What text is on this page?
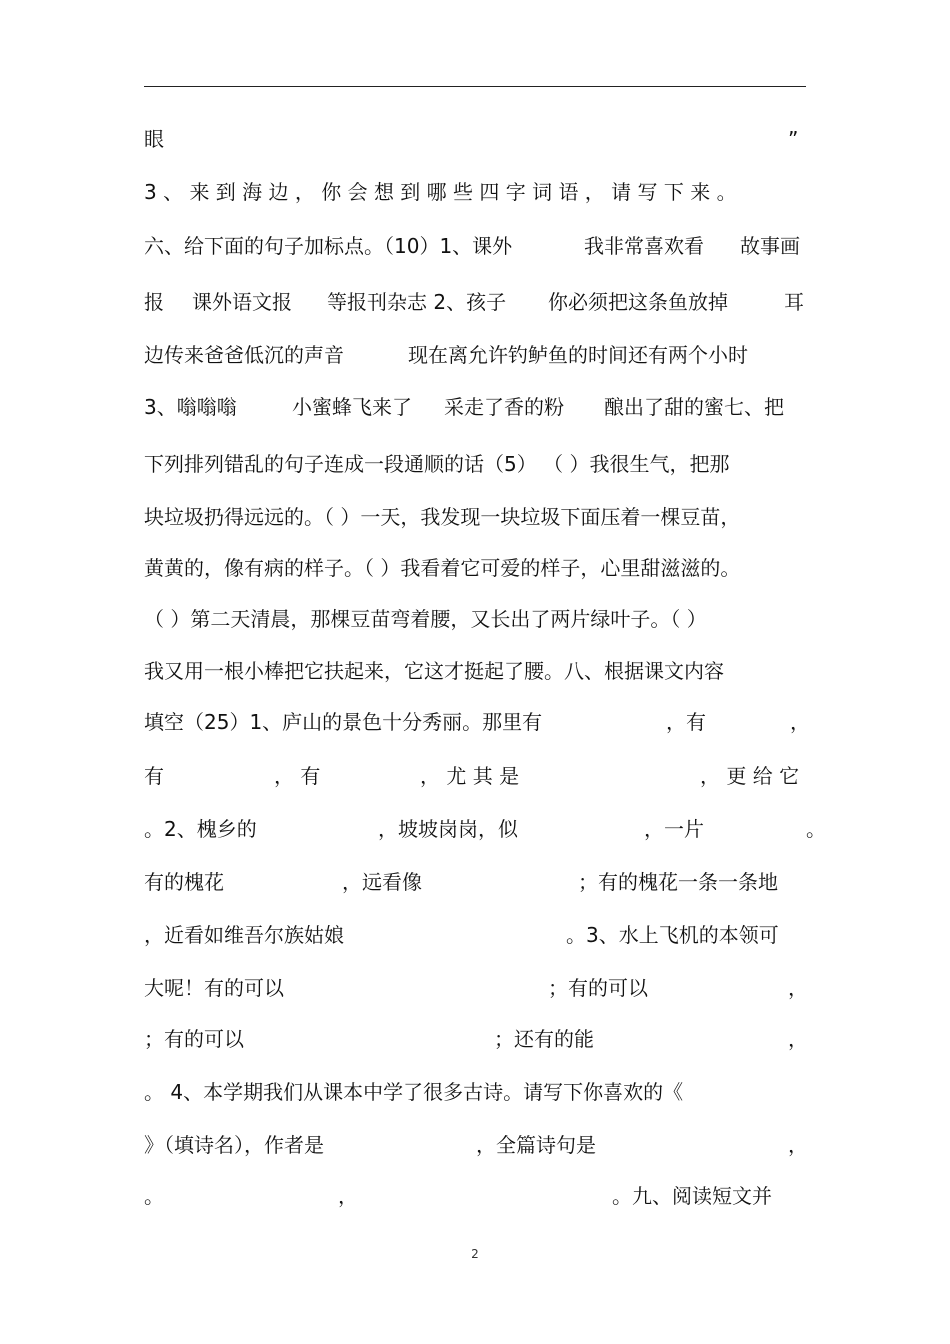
眼

	”

3 、 来 到 海 边 ， 你 会 想 到 哪 些 四 字 词 语 ， 请 写 下 来 。

六、给下面的句子加标点。（10）1、课外

	我非常喜欢看

故事画

报

课外语文报

等报刊杂志 2、孩子

你必须把这条鱼放掉

	耳

边传来爸爸低沉的声音

	现在离允许钓鲈鱼的时间还有两个小时

3、嗡嗡嗡

	小蜜蜂飞来了

采走了香的粉

酿出了甜的蜜七、把

下列排列错乱的句子连成一段通顺的话（5） （ ）我很生气，把那

块垃圾扔得远远的。（ ）一天，我发现一块垃圾下面压着一棵豆苗，

黄黄的，像有病的样子。（ ）我看着它可爱的样子，心里甜滋滋的。

（ ）第二天清晨，那棵豆苗弯着腰，又长出了两片绿叶子。（ ）

我又用一根小棒把它扶起来，它这才挺起了腰。八、根据课文内容

填空（25）1、庐山的景色十分秀丽。那里有

	，有

	，

有

	， 有

	， 尤 其 是

	， 更 给 它

。2、槐乡的

	，坡坡岗岗，似

	，一片

	。

有的槐花

	，远看像

	；有的槐花一条一条地

，近看如维吾尔族姑娘

	。3、水上飞机的本领可

大呢！有的可以

	；有的可以

	，

；有的可以

	；还有的能

	，

。 4、本学期我们从课本中学了很多古诗。请写下你喜欢的《

》（填诗名），作者是

	，全篇诗句是

	，

。

	，

	。九、阅读短文并

2
